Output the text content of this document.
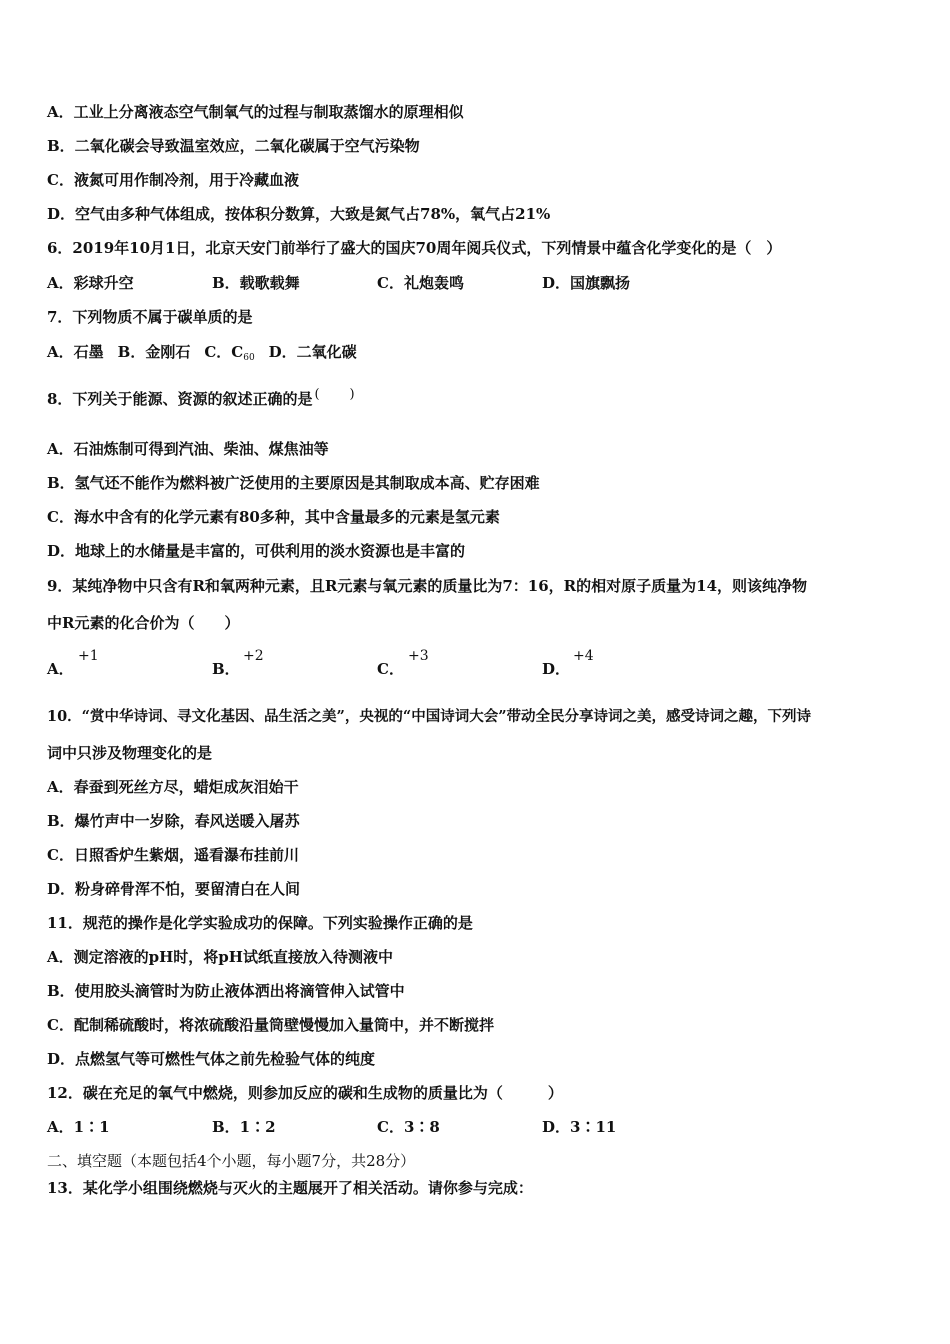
A．工业上分离液态空气制氧气的过程与制取蒸馏水的原理相似
B．二氧化碳会导致温室效应，二氧化碳属于空气污染物
C．液氮可用作制冷剂，用于冷藏血液
D．空气由多种气体组成，按体积分数算，大致是氮气占78%，氧气占21%
6．2019年10月1日，北京天安门前举行了盛大的国庆70周年阅兵仪式，下列情景中蕴含化学变化的是（　）
A．彩球升空	B．载歌载舞	C．礼炮轰鸣	D．国旗飘扬
7．下列物质不属于碳单质的是
A．石墨 B．金刚石 C．$C_{60}$ D．二氧化碳
8．下列关于能源、资源的叙述正确的是 ( )
A．石油炼制可得到汽油、柴油、煤焦油等
B．氢气还不能作为燃料被广泛使用的主要原因是其制取成本高、贮存困难
C．海水中含有的化学元素有80多种，其中含量最多的元素是氢元素
D．地球上的水储量是丰富的，可供利用的淡水资源也是丰富的
9．某纯净物中只含有R和氧两种元素，且R元素与氧元素的质量比为7：16，R的相对原子质量为14，则该纯净物
中R元素的化合价为（　　）
A．
+1
B．
+2
C．
+3
D．
+4
10．“赏中华诗词、寻文化基因、品生活之美”，央视的“中国诗词大会”带动全民分享诗词之美，感受诗词之趣，下列诗
词中只涉及物理变化的是
A．春蚕到死丝方尽，蜡炬成灰泪始干
B．爆竹声中一岁除，春风送暖入屠苏
C．日照香炉生紫烟，遥看瀑布挂前川
D．粉身碎骨浑不怕，要留清白在人间
11．规范的操作是化学实验成功的保障。下列实验操作正确的是
A．测定溶液的pH时，将pH试纸直接放入待测液中
B．使用胶头滴管时为防止液体洒出将滴管伸入试管中
C．配制稀硫酸时，将浓硫酸沿量筒壁慢慢加入量筒中，并不断搅拌
D．点燃氢气等可燃性气体之前先检验气体的纯度
12．碳在充足的氧气中燃烧，则参加反应的碳和生成物的质量比为（　　　）
A．1∶1	B．1∶2	C．3∶8	D．3∶11
二、填空题（本题包括4个小题，每小题7分，共28分）
13．某化学小组围绕燃烧与灭火的主题展开了相关活动。请你参与完成：
